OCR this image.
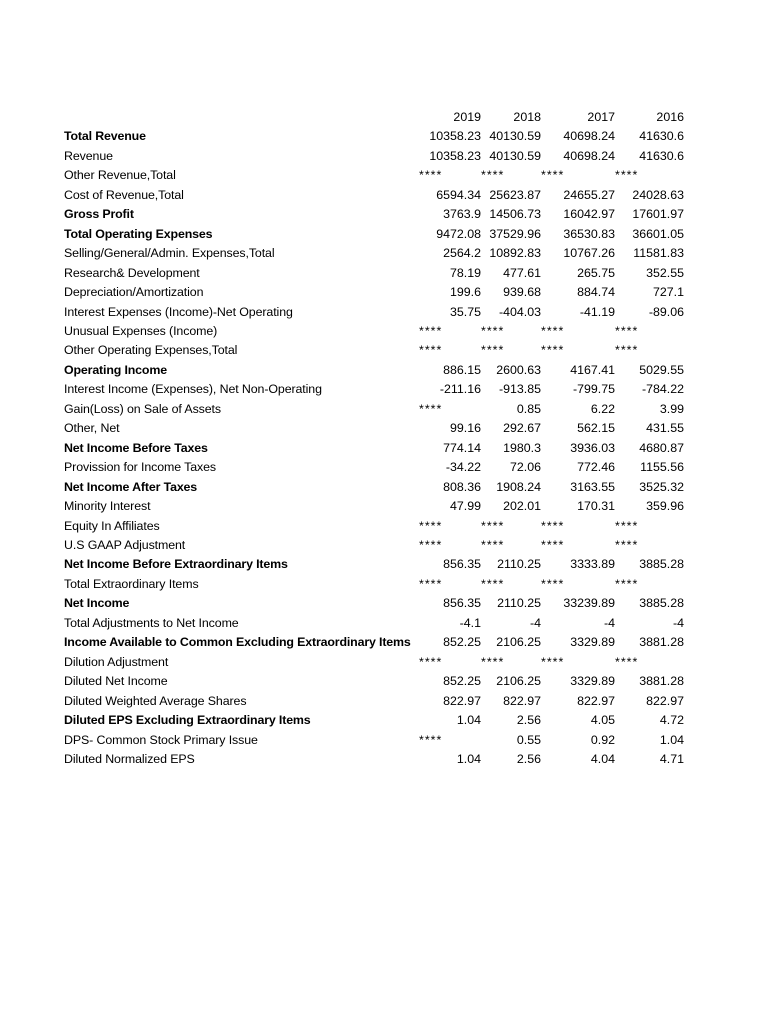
	2019	2018	2017	2016
Total Revenue	10358.23	40130.59	40698.24	41630.6
Revenue	10358.23	40130.59	40698.24	41630.6
Other Revenue,Total	****	****	****	****
Cost of Revenue,Total	6594.34	25623.87	24655.27	24028.63
Gross Profit	3763.9	14506.73	16042.97	17601.97
Total Operating Expenses	9472.08	37529.96	36530.83	36601.05
Selling/General/Admin. Expenses,Total	2564.2	10892.83	10767.26	11581.83
Research& Development	78.19	477.61	265.75	352.55
Depreciation/Amortization	199.6	939.68	884.74	727.1
Interest Expenses (Income)-Net Operating	35.75	-404.03	-41.19	-89.06
Unusual Expenses (Income)	****	****	****	****
Other Operating Expenses,Total	****	****	****	****
Operating Income	886.15	2600.63	4167.41	5029.55
Interest Income (Expenses), Net Non-Operating	-211.16	-913.85	-799.75	-784.22
Gain(Loss) on Sale of Assets	****	0.85	6.22	3.99
Other, Net	99.16	292.67	562.15	431.55
Net Income Before Taxes	774.14	1980.3	3936.03	4680.87
Provission for Income Taxes	-34.22	72.06	772.46	1155.56
Net Income After Taxes	808.36	1908.24	3163.55	3525.32
Minority Interest	47.99	202.01	170.31	359.96
Equity In Affiliates	****	****	****	****
U.S GAAP Adjustment	****	****	****	****
Net Income Before Extraordinary Items	856.35	2110.25	3333.89	3885.28
Total Extraordinary Items	****	****	****	****
Net Income	856.35	2110.25	33239.89	3885.28
Total Adjustments to Net Income	-4.1	-4	-4	-4
Income Available to Common Excluding Extraordinary Items	852.25	2106.25	3329.89	3881.28
Dilution Adjustment	****	****	****	****
Diluted Net Income	852.25	2106.25	3329.89	3881.28
Diluted Weighted Average Shares	822.97	822.97	822.97	822.97
Diluted EPS Excluding Extraordinary Items	1.04	2.56	4.05	4.72
DPS- Common Stock Primary Issue	****	0.55	0.92	1.04
Diluted Normalized EPS	1.04	2.56	4.04	4.71
